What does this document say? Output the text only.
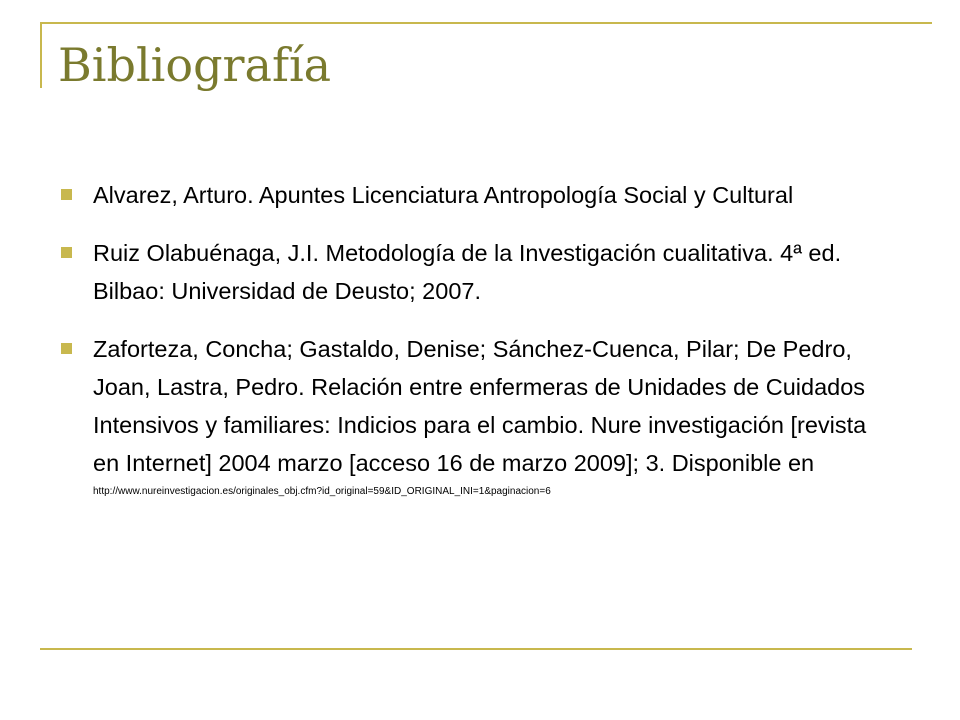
Bibliografía
Alvarez, Arturo. Apuntes Licenciatura Antropología Social y Cultural
Ruiz Olabuénaga, J.I. Metodología de la Investigación cualitativa. 4ª ed. Bilbao: Universidad de Deusto; 2007.
Zaforteza, Concha; Gastaldo, Denise; Sánchez-Cuenca, Pilar; De Pedro, Joan, Lastra, Pedro. Relación entre enfermeras de Unidades de Cuidados Intensivos y familiares: Indicios para el cambio. Nure investigación [revista en Internet] 2004 marzo [acceso 16 de marzo 2009]; 3. Disponible en
http://www.nureinvestigacion.es/originales_obj.cfm?id_original=59&ID_ORIGINAL_INI=1&paginacion=6
